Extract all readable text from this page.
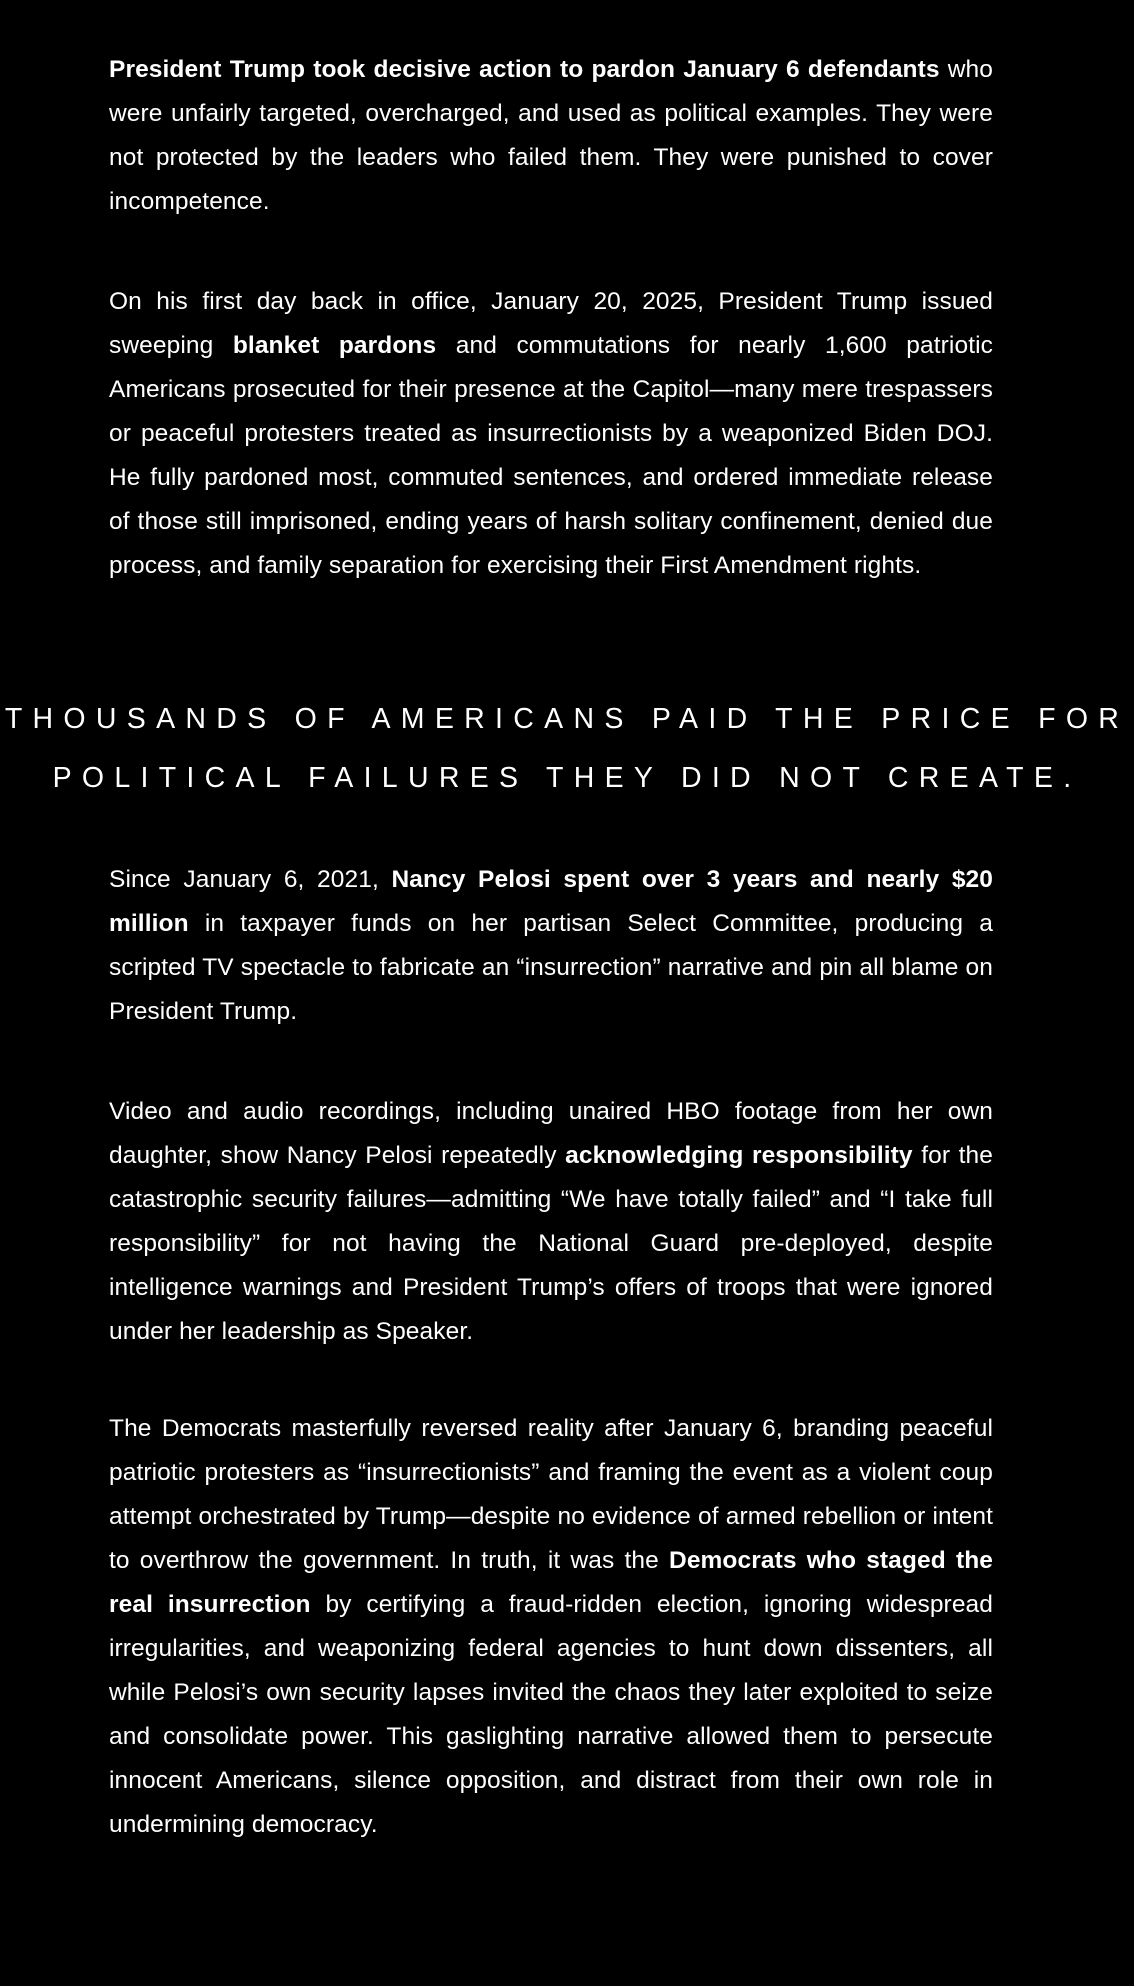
President Trump took decisive action to pardon January 6 defendants who were unfairly targeted, overcharged, and used as political examples. They were not protected by the leaders who failed them. They were punished to cover incompetence.

On his first day back in office, January 20, 2025, President Trump issued sweeping blanket pardons and commutations for nearly 1,600 patriotic Americans prosecuted for their presence at the Capitol—many mere trespassers or peaceful protesters treated as insurrectionists by a weaponized Biden DOJ. He fully pardoned most, commuted sentences, and ordered immediate release of those still imprisoned, ending years of harsh solitary confinement, denied due process, and family separation for exercising their First Amendment rights.

THOUSANDS OF AMERICANS PAID THE PRICE FOR
POLITICAL FAILURES THEY DID NOT CREATE.

Since January 6, 2021, Nancy Pelosi spent over 3 years and nearly $20 million in taxpayer funds on her partisan Select Committee, producing a scripted TV spectacle to fabricate an “insurrection” narrative and pin all blame on President Trump.

Video and audio recordings, including unaired HBO footage from her own daughter, show Nancy Pelosi repeatedly acknowledging responsibility for the catastrophic security failures—admitting “We have totally failed” and “I take full responsibility” for not having the National Guard pre-deployed, despite intelligence warnings and President Trump’s offers of troops that were ignored under her leadership as Speaker.

The Democrats masterfully reversed reality after January 6, branding peaceful patriotic protesters as “insurrectionists” and framing the event as a violent coup attempt orchestrated by Trump—despite no evidence of armed rebellion or intent to overthrow the government. In truth, it was the Democrats who staged the real insurrection by certifying a fraud-ridden election, ignoring widespread irregularities, and weaponizing federal agencies to hunt down dissenters, all while Pelosi’s own security lapses invited the chaos they later exploited to seize and consolidate power. This gaslighting narrative allowed them to persecute innocent Americans, silence opposition, and distract from their own role in undermining democracy.
